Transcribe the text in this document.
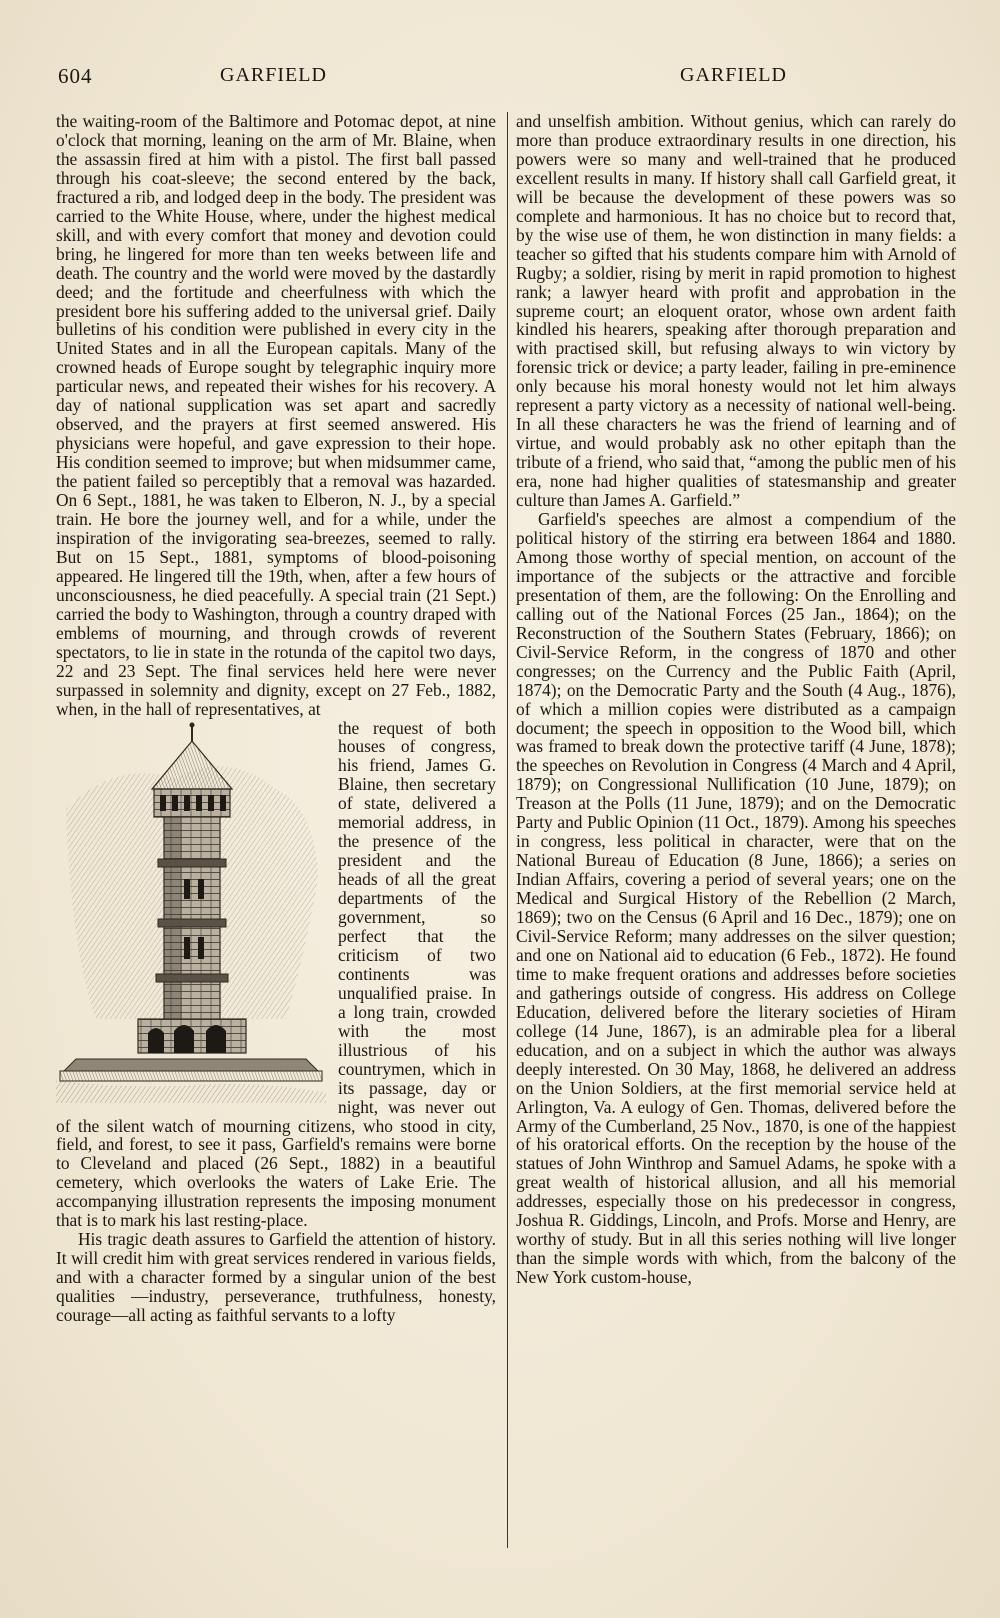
604	GARFIELD	GARFIELD

the waiting-room of the Baltimore and Potomac depot, at nine o'clock that morning, leaning on the arm of Mr. Blaine, when the assassin fired at him with a pistol. The first ball passed through his coat-sleeve; the second entered by the back, fractured a rib, and lodged deep in the body. The president was carried to the White House, where, under the highest medical skill, and with every comfort that money and devotion could bring, he lingered for more than ten weeks between life and death. The country and the world were moved by the dastardly deed; and the fortitude and cheerfulness with which the president bore his suffering added to the universal grief. Daily bulletins of his condition were published in every city in the United States and in all the European capitals. Many of the crowned heads of Europe sought by telegraphic inquiry more particular news, and repeated their wishes for his recovery. A day of national supplication was set apart and sacredly observed, and the prayers at first seemed answered. His physicians were hopeful, and gave expression to their hope. His condition seemed to improve; but when midsummer came, the patient failed so perceptibly that a removal was hazarded. On 6 Sept., 1881, he was taken to Elberon, N. J., by a special train. He bore the journey well, and for a while, under the inspiration of the invigorating sea-breezes, seemed to rally. But on 15 Sept., 1881, symptoms of blood-poisoning appeared. He lingered till the 19th, when, after a few hours of unconsciousness, he died peacefully. A special train (21 Sept.) carried the body to Washington, through a country draped with emblems of mourning, and through crowds of reverent spectators, to lie in state in the rotunda of the capitol two days, 22 and 23 Sept. The final services held here were never surpassed in solemnity and dignity, except on 27 Feb., 1882, when, in the hall of representatives, at

the request of both houses of congress, his friend, James G. Blaine, then secretary of state, delivered a memorial address, in the presence of the president and the heads of all the great departments of the government, so perfect that the criticism of two continents was unqualified praise. In a long train, crowded with the most illustrious of his countrymen, which in its passage, day or night, was never out of the silent watch of mourning citizens, who stood in city, field, and forest, to see it pass, Garfield's remains were borne to Cleveland and placed (26 Sept., 1882) in a beautiful cemetery, which overlooks the waters of Lake Erie. The accompanying illustration represents the imposing monument that is to mark his last resting-place.

His tragic death assures to Garfield the attention of history. It will credit him with great services rendered in various fields, and with a character formed by a singular union of the best qualities —industry, perseverance, truthfulness, honesty, courage—all acting as faithful servants to a lofty

and unselfish ambition. Without genius, which can rarely do more than produce extraordinary results in one direction, his powers were so many and well-trained that he produced excellent results in many. If history shall call Garfield great, it will be because the development of these powers was so complete and harmonious. It has no choice but to record that, by the wise use of them, he won distinction in many fields: a teacher so gifted that his students compare him with Arnold of Rugby; a soldier, rising by merit in rapid promotion to highest rank; a lawyer heard with profit and approbation in the supreme court; an eloquent orator, whose own ardent faith kindled his hearers, speaking after thorough preparation and with practised skill, but refusing always to win victory by forensic trick or device; a party leader, failing in pre-eminence only because his moral honesty would not let him always represent a party victory as a necessity of national well-being. In all these characters he was the friend of learning and of virtue, and would probably ask no other epitaph than the tribute of a friend, who said that, “among the public men of his era, none had higher qualities of statesmanship and greater culture than James A. Garfield.”

Garfield's speeches are almost a compendium of the political history of the stirring era between 1864 and 1880. Among those worthy of special mention, on account of the importance of the subjects or the attractive and forcible presentation of them, are the following: On the Enrolling and calling out of the National Forces (25 Jan., 1864); on the Reconstruction of the Southern States (February, 1866); on Civil-Service Reform, in the congress of 1870 and other congresses; on the Currency and the Public Faith (April, 1874); on the Democratic Party and the South (4 Aug., 1876), of which a million copies were distributed as a campaign document; the speech in opposition to the Wood bill, which was framed to break down the protective tariff (4 June, 1878); the speeches on Revolution in Congress (4 March and 4 April, 1879); on Congressional Nullification (10 June, 1879); on Treason at the Polls (11 June, 1879); and on the Democratic Party and Public Opinion (11 Oct., 1879). Among his speeches in congress, less political in character, were that on the National Bureau of Education (8 June, 1866); a series on Indian Affairs, covering a period of several years; one on the Medical and Surgical History of the Rebellion (2 March, 1869); two on the Census (6 April and 16 Dec., 1879); one on Civil-Service Reform; many addresses on the silver question; and one on National aid to education (6 Feb., 1872). He found time to make frequent orations and addresses before societies and gatherings outside of congress. His address on College Education, delivered before the literary societies of Hiram college (14 June, 1867), is an admirable plea for a liberal education, and on a subject in which the author was always deeply interested. On 30 May, 1868, he delivered an address on the Union Soldiers, at the first memorial service held at Arlington, Va. A eulogy of Gen. Thomas, delivered before the Army of the Cumberland, 25 Nov., 1870, is one of the happiest of his oratorical efforts. On the reception by the house of the statues of John Winthrop and Samuel Adams, he spoke with a great wealth of historical allusion, and all his memorial addresses, especially those on his predecessor in congress, Joshua R. Giddings, Lincoln, and Profs. Morse and Henry, are worthy of study. But in all this series nothing will live longer than the simple words with which, from the balcony of the New York custom-house,
